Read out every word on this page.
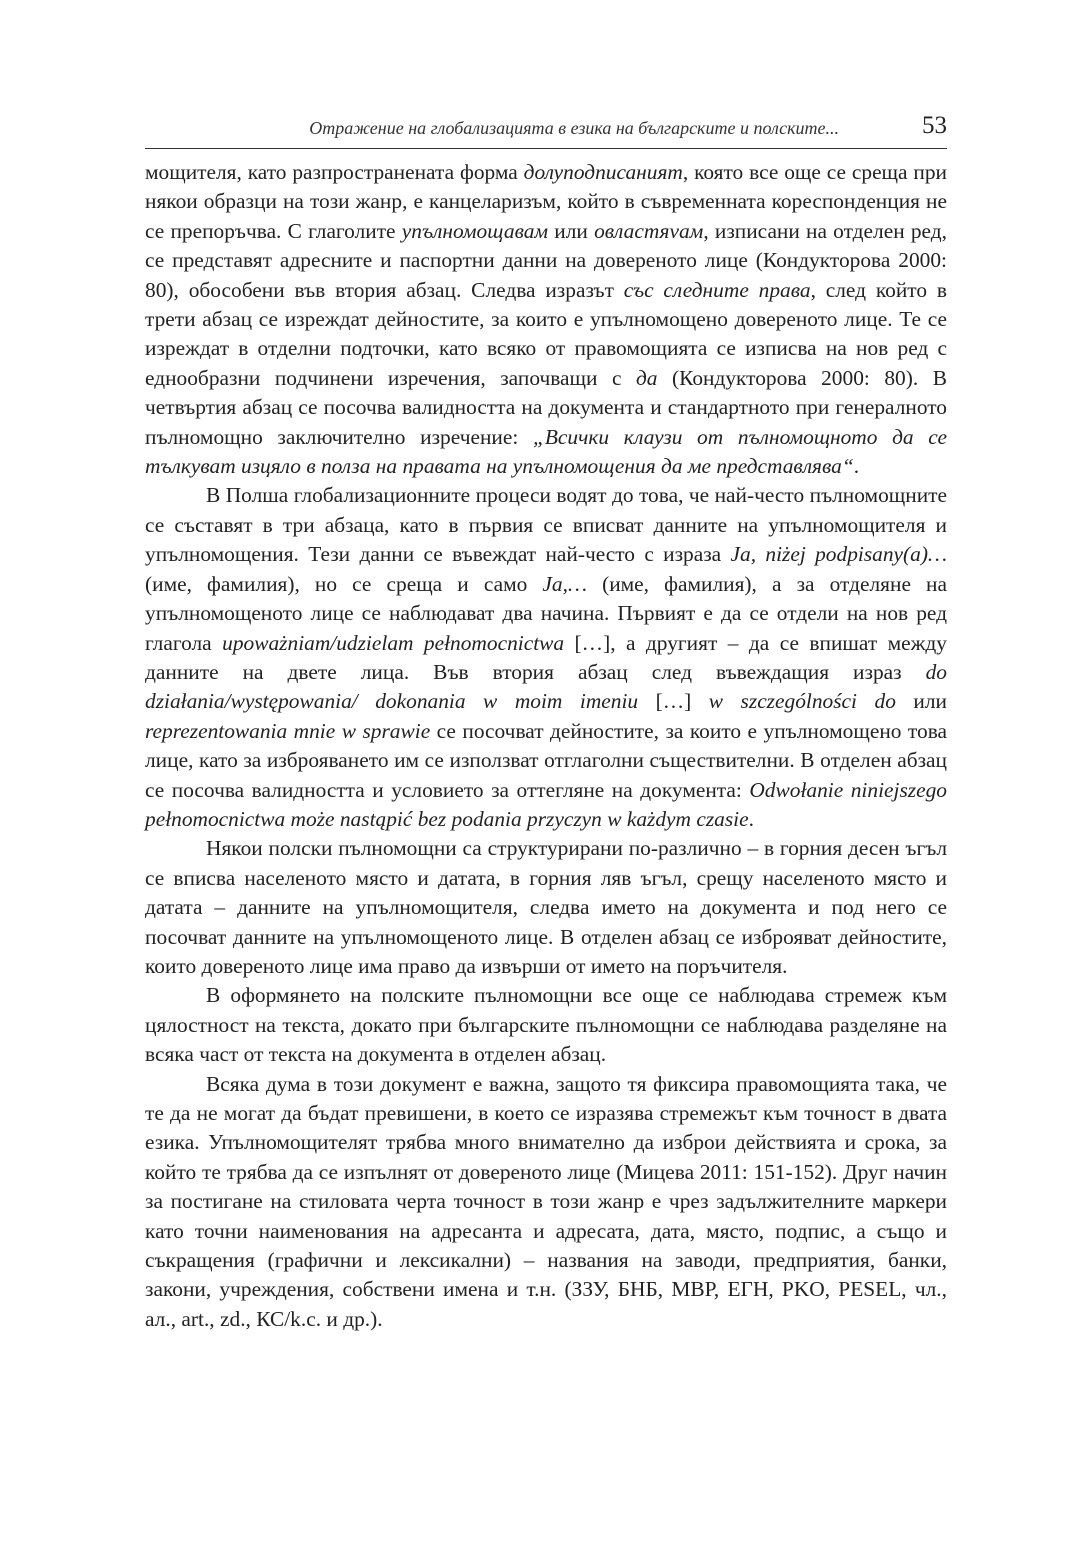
Отражение на глобализацията в езика на българските и полските...	53

мощителя, като разпространената форма долуподписаният, която все още се среща при някои образци на този жанр, е канцеларизъм, който в съвременната кореспонденция не се препоръчва. С глаголите упълномощавам или овластяvам, изписани на отделен ред, се представят адресните и паспортни данни на довереното лице (Кондукторова 2000: 80), обособени във втория абзац. Следва изразът със следните права, след който в трети абзац се изреждат дейностите, за които е упълномощено довереното лице. Те се изреждат в отделни подточки, като всяко от правомощията се изписва на нов ред с еднообразни подчинени изречения, започващи с да (Кондукторова 2000: 80). В четвъртия абзац се посочва валидността на документа и стандартното при генералното пълномощно заключително изречение: „Всички клаузи от пълномощното да се тълкуват изцяло в полза на правата на упълномощения да ме представлява“.

В Полша глобализационните процеси водят до това, че най-често пълномощните се съставят в три абзаца, като в първия се вписват данните на упълномощителя и упълномощения. Тези данни се въвеждат най-често с израза Ja, niżej podpisany(a)… (име, фамилия), но се среща и само Ja,… (име, фамилия), а за отделяне на упълномощеното лице се наблюдават два начина. Първият е да се отдели на нов ред глагола upoważniam/udzielam pełnomocnictwa […], а другият – да се впишат между данните на двете лица. Във втория абзац след въвеждащия израз do działania/występowania/ dokonania w moim imeniu […] w szczególności do или reprezentowania mnie w sprawie се посочват дейностите, за които е упълномощено това лице, като за изброяването им се използват отглаголни съществителни. В отделен абзац се посочва валидността и условието за оттегляне на документа: Odwołanie niniejszego pełnomocnictwa może nastąpić bez podania przyczyn w każdym czasie.

Някои полски пълномощни са структурирани по-различно – в горния десен ъгъл се вписва населеното място и датата, в горния ляв ъгъл, срещу населеното място и датата – данните на упълномощителя, следва името на документа и под него се посочват данните на упълномощеното лице. В отделен абзац се изброяват дейностите, които довереното лице има право да извърши от името на поръчителя.

В оформянето на полските пълномощни все още се наблюдава стремеж към цялостност на текста, докато при българските пълномощни се наблюдава разделяне на всяка част от текста на документа в отделен абзац.

Всяка дума в този документ е важна, защото тя фиксира правомощията така, че те да не могат да бъдат превишени, в което се изразява стремежът към точност в двата езика. Упълномощителят трябва много внимателно да изброи действията и срока, за който те трябва да се изпълнят от довереното лице (Мицева 2011: 151-152). Друг начин за постигане на стиловата черта точност в този жанр е чрез задължителните маркери като точни наименования на адресанта и адресата, дата, място, подпис, а също и съкращения (графични и лексикални) – названия на заводи, предприятия, банки, закони, учреждения, собствени имена и т.н. (ЗЗУ, БНБ, МВР, ЕГН, PKO, PESEL, чл., ал., art., zd., КС/k.c. и др.).
